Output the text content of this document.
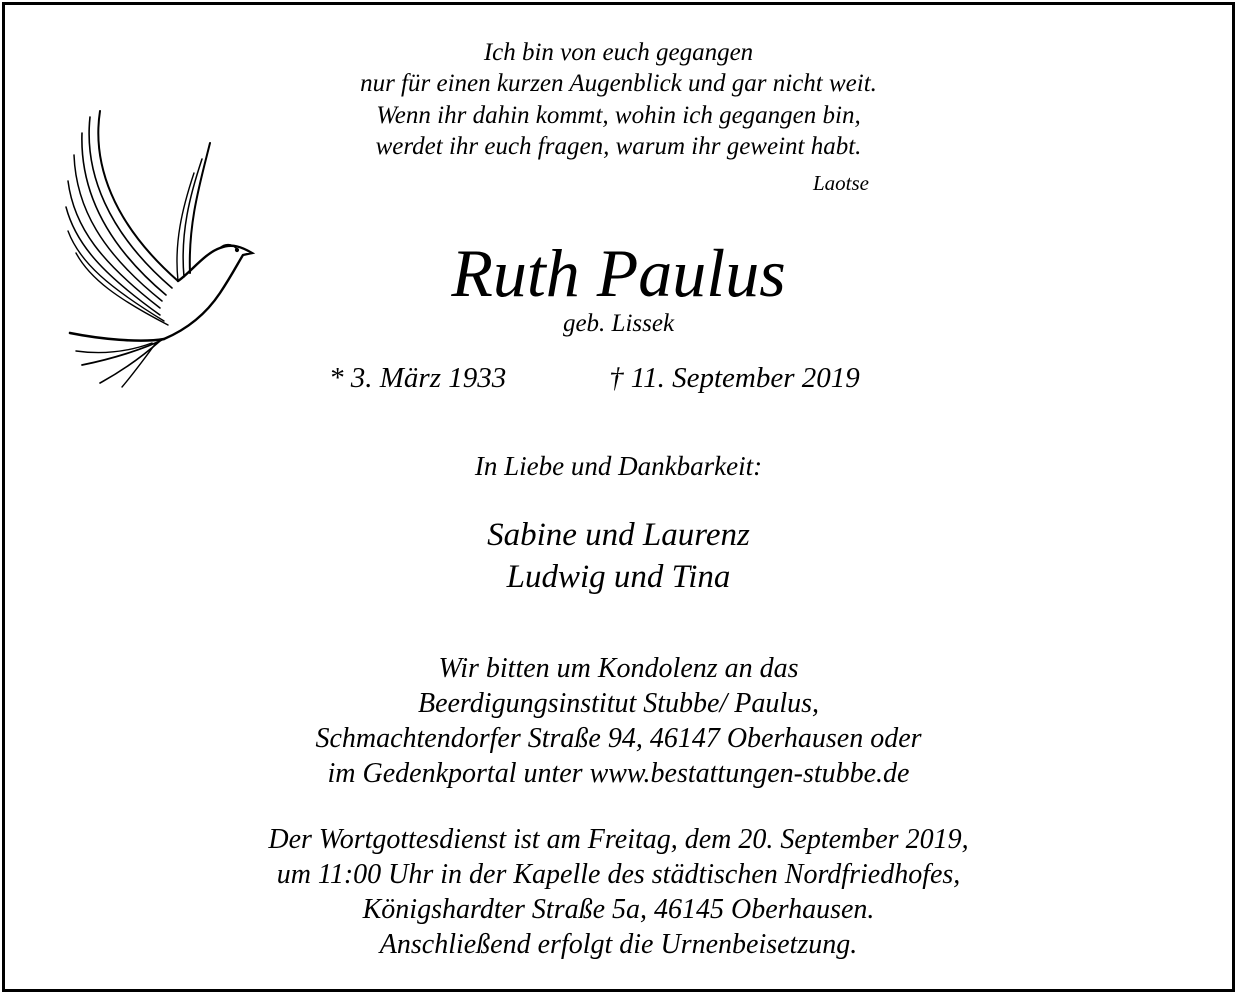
Ich bin von euch gegangen
nur für einen kurzen Augenblick und gar nicht weit.
Wenn ihr dahin kommt, wohin ich gegangen bin,
werdet ihr euch fragen, warum ihr geweint habt.
Laotse
Ruth Paulus
geb. Lissek
* 3. März 1933	† 11. September 2019
In Liebe und Dankbarkeit:
Sabine und Laurenz
Ludwig und Tina
Wir bitten um Kondolenz an das
Beerdigungsinstitut Stubbe/ Paulus,
Schmachtendorfer Straße 94, 46147 Oberhausen oder
im Gedenkportal unter www.bestattungen-stubbe.de
Der Wortgottesdienst ist am Freitag, dem 20. September 2019,
um 11:00 Uhr in der Kapelle des städtischen Nordfriedhofes,
Königshardter Straße 5a, 46145 Oberhausen.
Anschließend erfolgt die Urnenbeisetzung.
